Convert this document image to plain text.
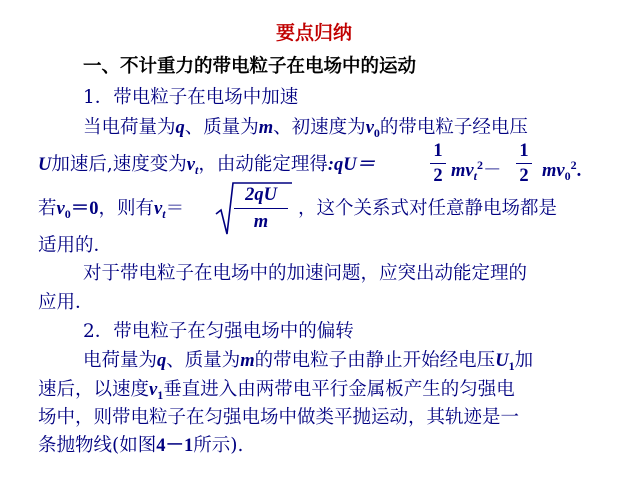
要点归纳
一、不计重力的带电粒子在电场中的运动
1．带电粒子在电场中加速
当电荷量为q、质量为m、初速度为$v_0$的带电粒子经电压
U加速后,速度变为$v_t$，由动能定理得:qU＝
1
2 $mv_t^2-$
1
2 $mv_0^2$.
若$v_0=0$，则有$v_t=$
2qU
m
，这个关系式对任意静电场都是
适用的．
对于带电粒子在电场中的加速问题，应突出动能定理的
应用．
2．带电粒子在匀强电场中的偏转
电荷量为q、质量为m的带电粒子由静止开始经电压$U_1$加
速后，以速度$v_1$垂直进入由两带电平行金属板产生的匀强电
场中，则带电粒子在匀强电场中做类平抛运动，其轨迹是一
条抛物线(如图4－1所示).
